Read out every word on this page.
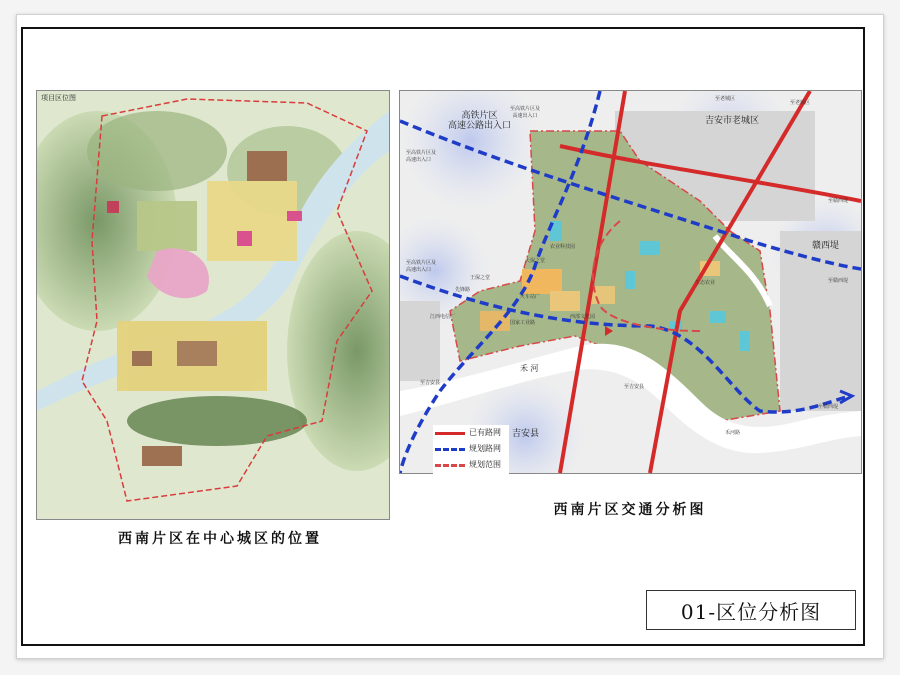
项目区位图
西南片区在中心城区的位置
高铁片区
高速公路出入口
吉安市老城区
至老城区
至老城区
至高铁片区及
高速出入口
至高铁片区及
高速出入口
至高铁片区及
高速出入口
赣西堤
至赣西堤
至赣西堤
至赣西堤
吉安县
至吉安县
至吉安县
禾 河
天保之堂
王保之堂
火车站广
江西电信厂
国家工业路
农业科技园
西部文化园
生态农业
先锋路
禾河路
已有路网
规划路网
规划范围
西南片区交通分析图
01-区位分析图
